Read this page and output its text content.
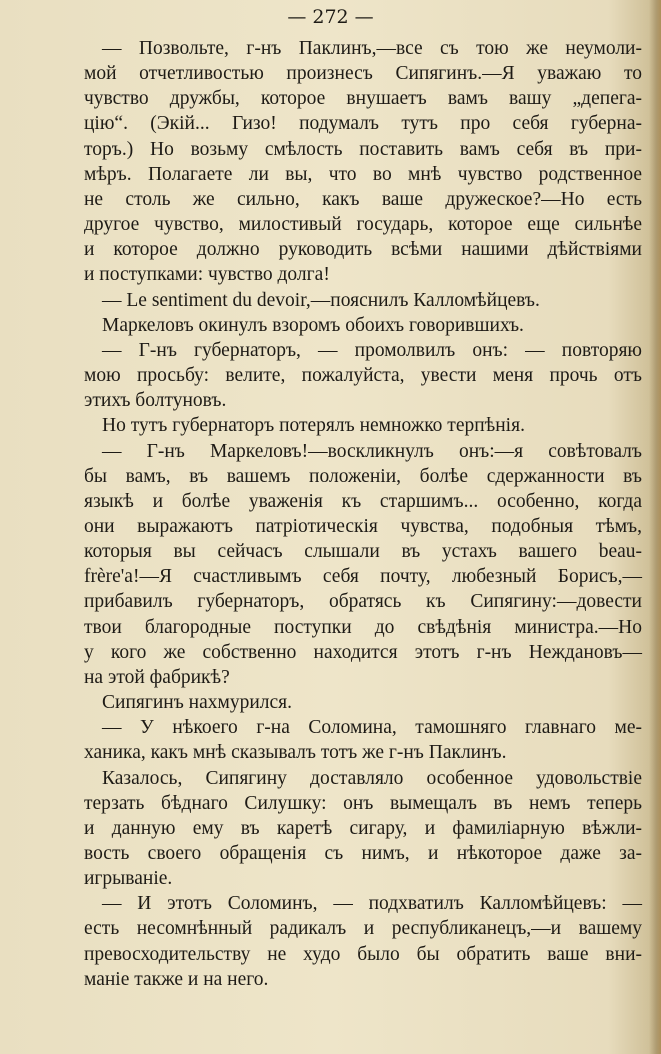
— 272 —
— Позвольте, г-нъ Паклинъ,—все съ тою же неумоли-
мой отчетливостью произнесъ Сипягинъ.—Я уважаю то
чувство дружбы, которое внушаетъ вамъ вашу „депега-
цію“. (Экій... Гизо! подумалъ тутъ про себя губерна-
торъ.) Но возьму смѣлость поставить вамъ себя въ при-
мѣръ. Полагаете ли вы, что во мнѣ чувство родственное
не столь же сильно, какъ ваше дружеское?—Но есть
другое чувство, милостивый государь, которое еще сильнѣе
и которое должно руководить всѣми нашими дѣйствіями
и поступками: чувство долга!
— Le sentiment du devoir,—пояснилъ Калломѣйцевъ.
Маркеловъ окинулъ взоромъ обоихъ говорившихъ.
— Г-нъ губернаторъ, — промолвилъ онъ: — повторяю
мою просьбу: велите, пожалуйста, увести меня прочь отъ
этихъ болтуновъ.
Но тутъ губернаторъ потерялъ немножко терпѣнія.
— Г-нъ Маркеловъ!—воскликнулъ онъ:—я совѣтовалъ
бы вамъ, въ вашемъ положеніи, болѣе сдержанности въ
языкѣ и болѣе уваженія къ старшимъ... особенно, когда
они выражаютъ патріотическія чувства, подобныя тѣмъ,
которыя вы сейчасъ слышали въ устахъ вашего beau-
frère'a!—Я счастливымъ себя почту, любезный Борисъ,—
прибавилъ губернаторъ, обратясь къ Сипягину:—довести
твои благородные поступки до свѣдѣнія министра.—Но
у кого же собственно находится этотъ г-нъ Неждановъ—
на этой фабрикѣ?
Сипягинъ нахмурился.
— У нѣкоего г-на Соломина, тамошняго главнаго ме-
ханика, какъ мнѣ сказывалъ тотъ же г-нъ Паклинъ.
Казалось, Сипягину доставляло особенное удовольствіе
терзать бѣднаго Силушку: онъ вымещалъ въ немъ теперь
и данную ему въ каретѣ сигару, и фамиліарную вѣжли-
вость своего обращенія съ нимъ, и нѣкоторое даже за-
игрываніе.
— И этотъ Соломинъ, — подхватилъ Калломѣйцевъ: —
есть несомнѣнный радикалъ и республиканецъ,—и вашему
превосходительству не худо было бы обратить ваше вни-
маніе также и на него.
